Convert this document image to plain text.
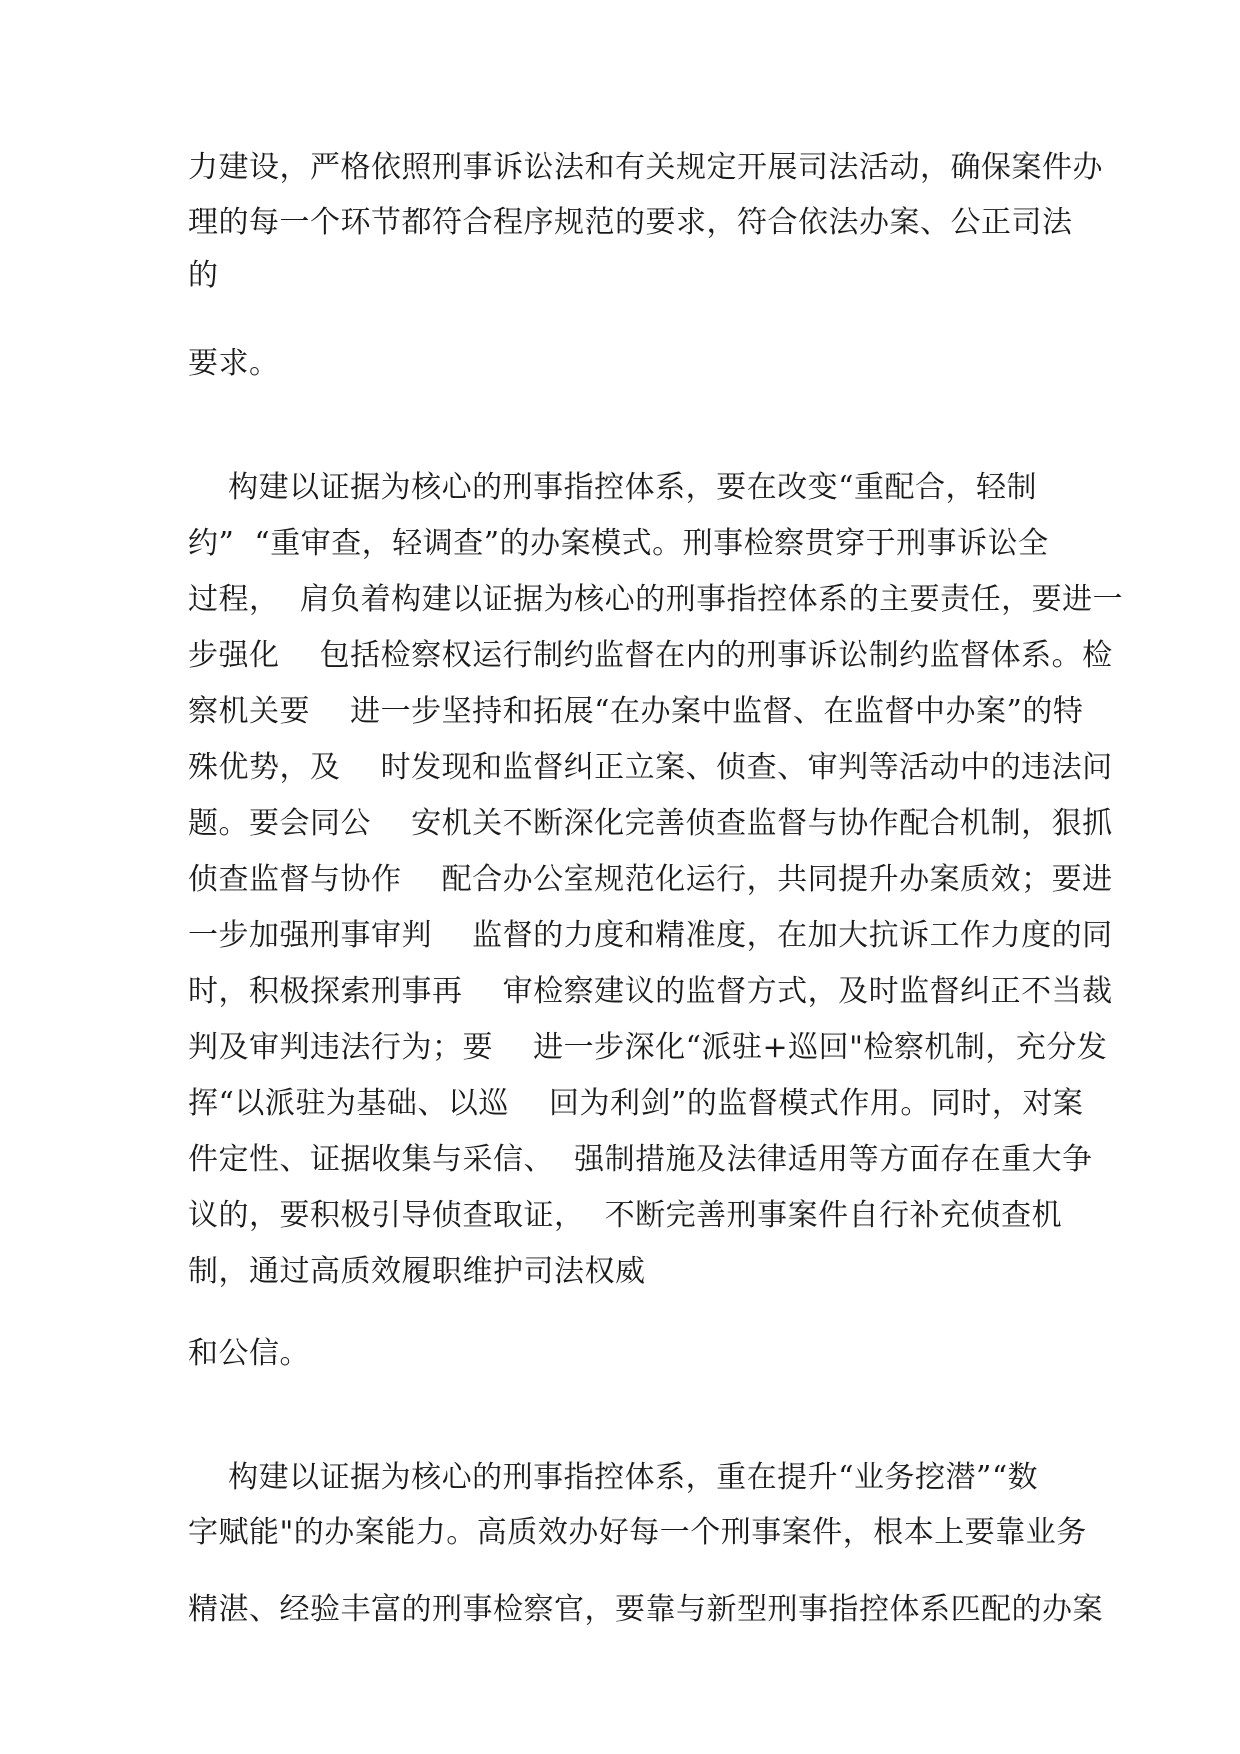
力建设，严格依照刑事诉讼法和有关规定开展司法活动，确保案件办
理的每一个环节都符合程序规范的要求，符合依法办案、公正司法
的
要求。
构建以证据为核心的刑事指控体系，要在改变“重配合，轻制
约”  “重审查，轻调查”的办案模式。刑事检察贯穿于刑事诉讼全
过程，  肩负着构建以证据为核心的刑事指控体系的主要责任，要进一
步强化    包括检察权运行制约监督在内的刑事诉讼制约监督体系。检
察机关要    进一步坚持和拓展“在办案中监督、在监督中办案”的特
殊优势，及    时发现和监督纠正立案、侦查、审判等活动中的违法问
题。要会同公    安机关不断深化完善侦查监督与协作配合机制，狠抓
侦查监督与协作    配合办公室规范化运行，共同提升办案质效；要进
一步加强刑事审判    监督的力度和精准度，在加大抗诉工作力度的同
时，积极探索刑事再    审检察建议的监督方式，及时监督纠正不当裁
判及审判违法行为；要    进一步深化“派驻+巡回"检察机制，充分发
挥“以派驻为基础、以巡    回为利剑”的监督模式作用。同时，对案
件定性、证据收集与采信、  强制措施及法律适用等方面存在重大争
议的，要积极引导侦查取证，  不断完善刑事案件自行补充侦查机
制，通过高质效履职维护司法权威
和公信。
构建以证据为核心的刑事指控体系，重在提升“业务挖潜”“数
字赋能"的办案能力。高质效办好每一个刑事案件，根本上要靠业务
精湛、经验丰富的刑事检察官，要靠与新型刑事指控体系匹配的办案
